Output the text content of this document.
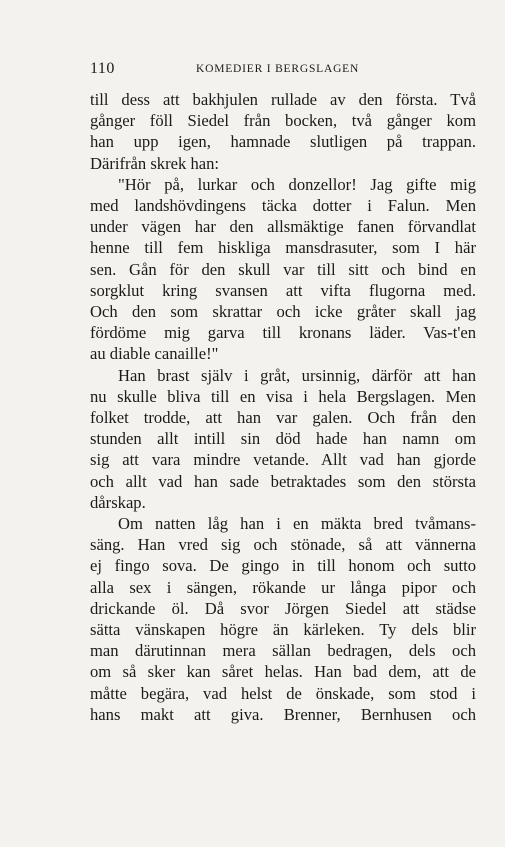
110	KOMEDIER I BERGSLAGEN

till dess att bakhjulen rullade av den första. Två

gånger föll Siedel från bocken, två gånger kom

han upp igen, hamnade slutligen på trappan.

Därifrån skrek han:

"Hör på, lurkar och donzellor! Jag gifte mig

med landshövdingens täcka dotter i Falun. Men

under vägen har den allsmäktige fanen förvandlat

henne till fem hiskliga mansdrasuter, som I här

sen. Gån för den skull var till sitt och bind en

sorgklut kring svansen att vifta flugorna med.

Och den som skrattar och icke gråter skall jag

fördöme mig garva till kronans läder. Vas-t'en

au diable canaille!"

Han brast själv i gråt, ursinnig, därför att han

nu skulle bliva till en visa i hela Bergslagen. Men

folket trodde, att han var galen. Och från den

stunden allt intill sin död hade han namn om

sig att vara mindre vetande. Allt vad han gjorde

och allt vad han sade betraktades som den största

dårskap.

Om natten låg han i en mäktа bred tvåmans-

säng. Han vred sig och stönade, så att vännerna

ej fingo sova. De gingo in till honom och sutto

alla sex i sängen, rökande ur långa pipor och

drickande öl. Då svor Jörgen Siedel att städse

sätta vänskapen högre än kärleken. Ty dels blir

man därutinnan mera sällan bedragen, dels och

om så sker kan såret helas. Han bad dem, att de

måtte begära, vad helst de önskade, som stod i

hans makt att giva. Brenner, Bernhusen och
